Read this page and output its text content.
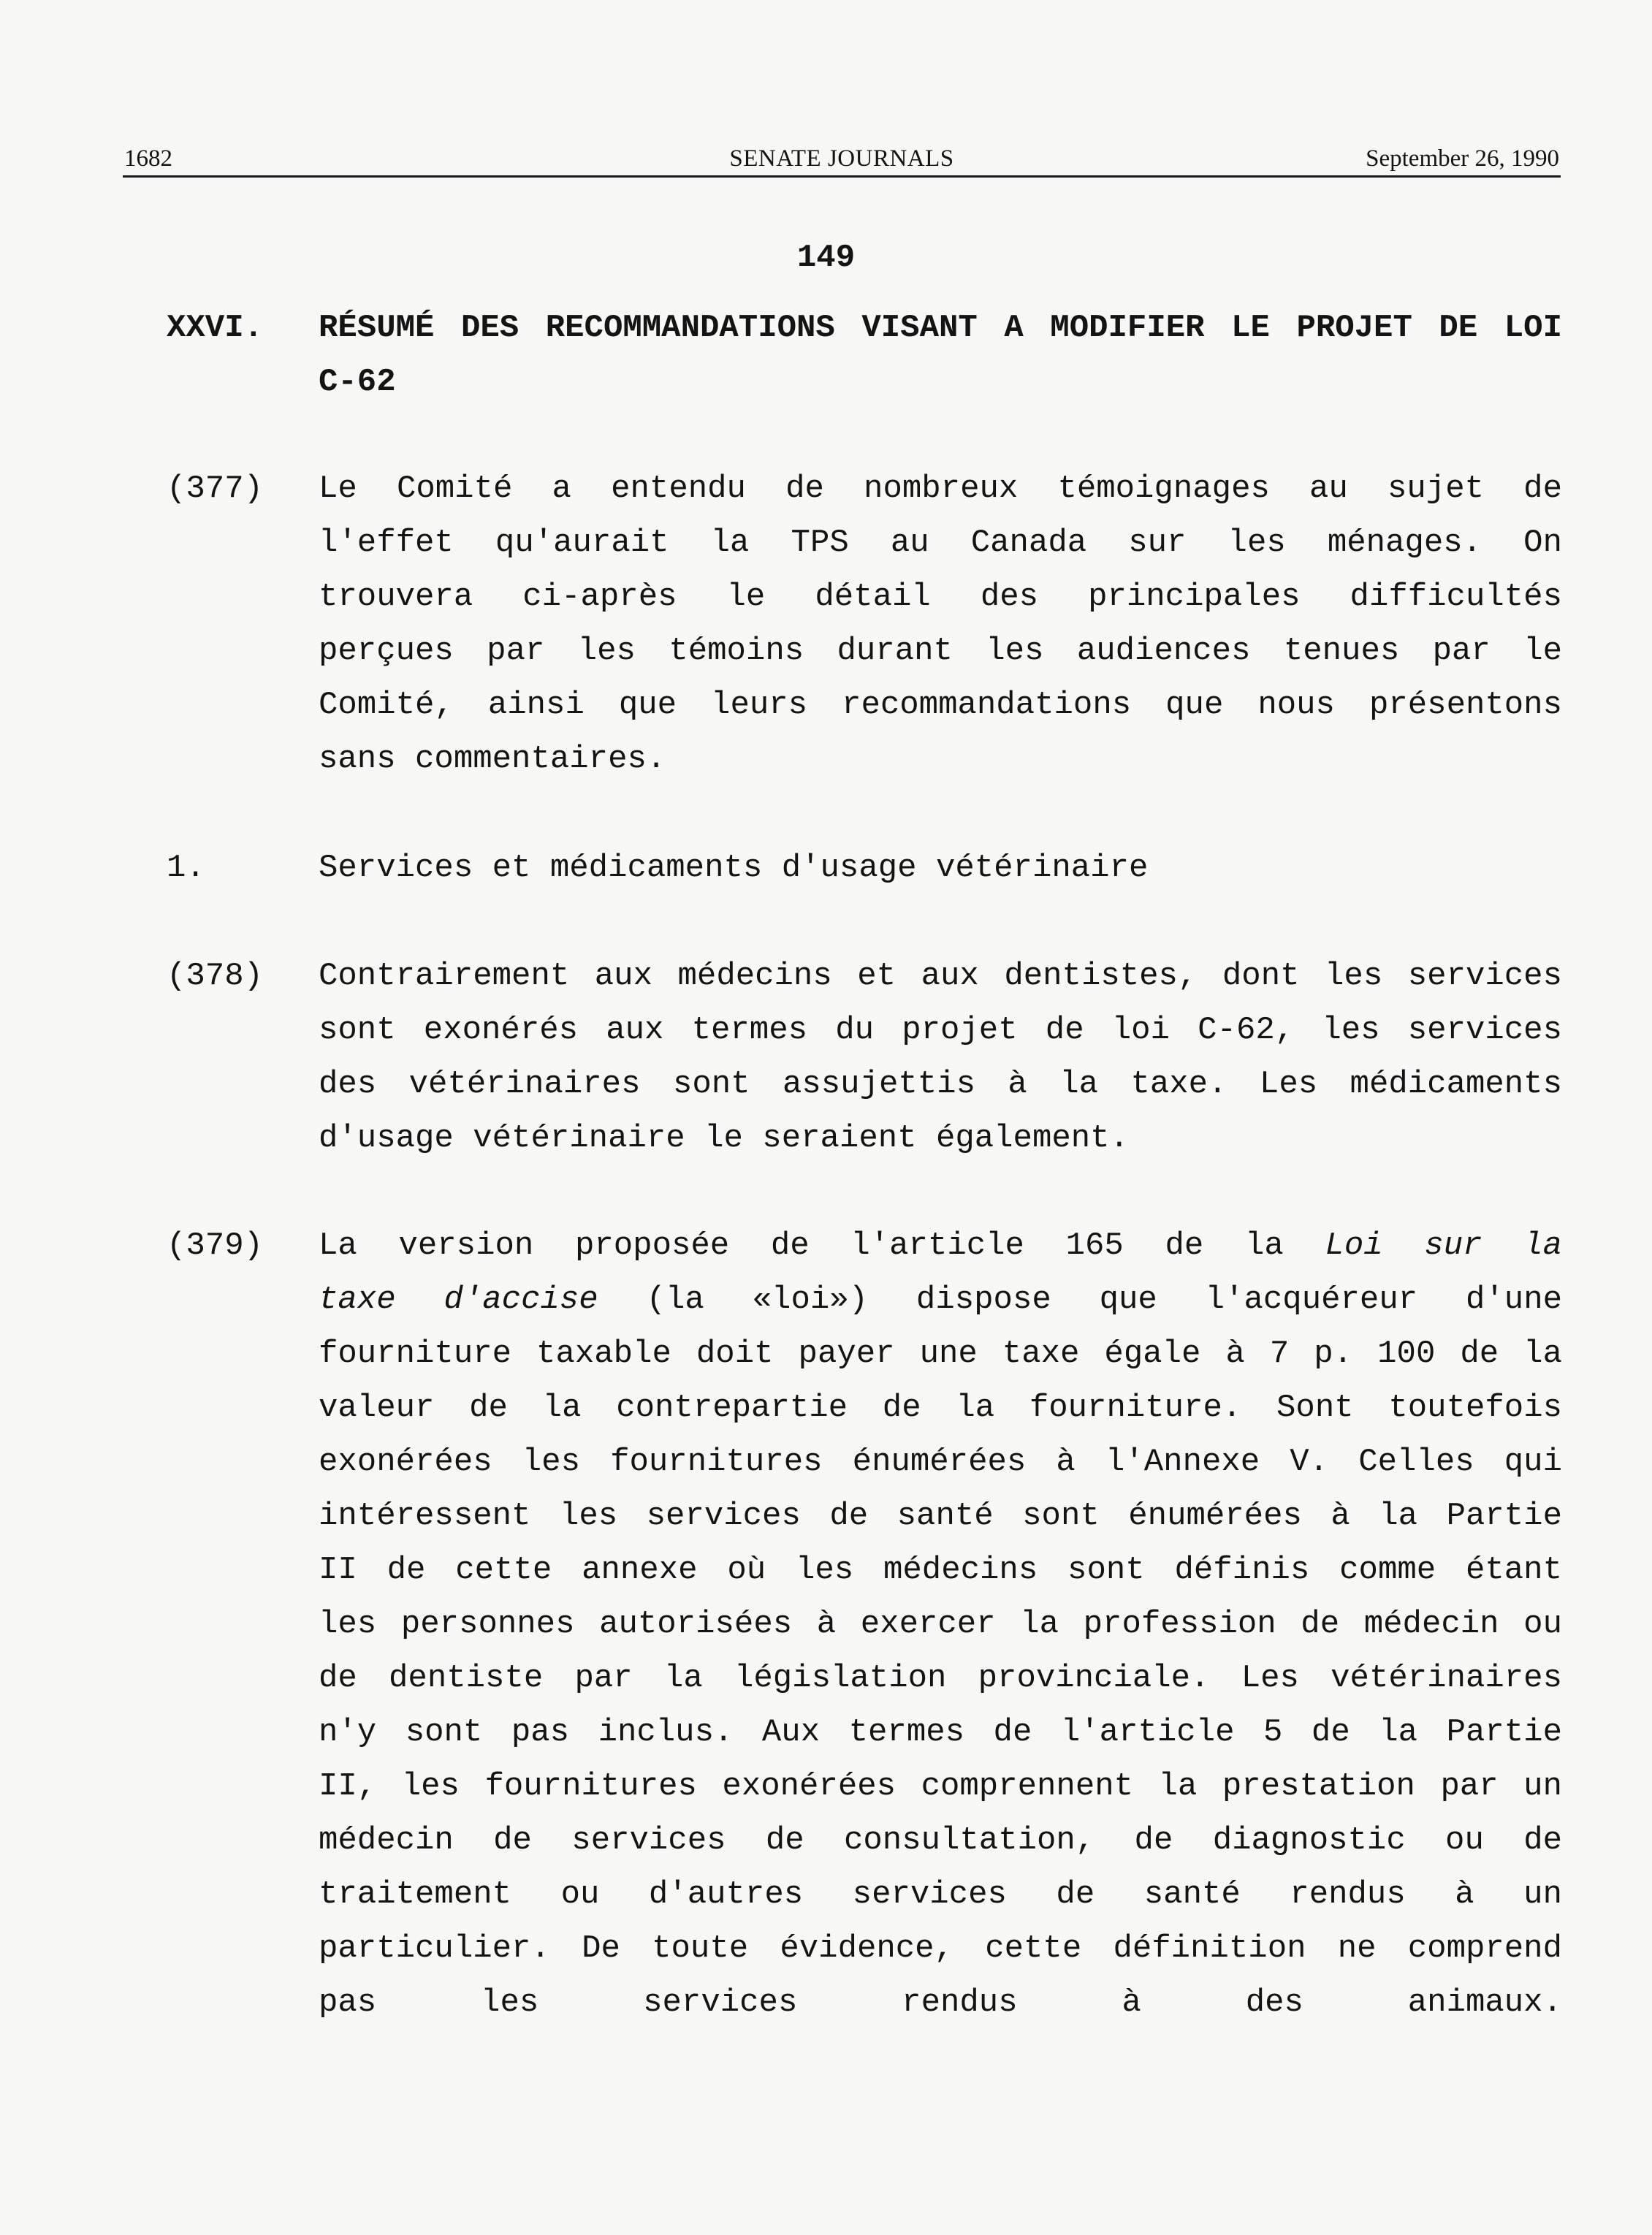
SENATE JOURNALS
1682	September 26, 1990
149
XXVI. RÉSUMÉ DES RECOMMANDATIONS VISANT A MODIFIER LE PROJET DE LOI
C-62
(377) Le Comité a entendu de nombreux témoignages au sujet de
l'effet qu'aurait la TPS au Canada sur les ménages. On
trouvera ci-après le détail des principales difficultés
perçues par les témoins durant les audiences tenues par le
Comité, ainsi que leurs recommandations que nous présentons
sans commentaires.
1.	Services et médicaments d'usage vétérinaire
(378) Contrairement aux médecins et aux dentistes, dont les services
sont exonérés aux termes du projet de loi C-62, les services
des vétérinaires sont assujettis à la taxe. Les médicaments
d'usage vétérinaire le seraient également.
(379) La version proposée de l'article 165 de la Loi sur la
taxe d'accise (la «loi») dispose que l'acquéreur d'une
fourniture taxable doit payer une taxe égale à 7 p. 100 de la
valeur de la contrepartie de la fourniture. Sont toutefois
exonérées les fournitures énumérées à l'Annexe V. Celles qui
intéressent les services de santé sont énumérées à la Partie
II de cette annexe où les médecins sont définis comme étant
les personnes autorisées à exercer la profession de médecin ou
de dentiste par la législation provinciale. Les vétérinaires
n'y sont pas inclus. Aux termes de l'article 5 de la Partie
II, les fournitures exonérées comprennent la prestation par un
médecin de services de consultation, de diagnostic ou de
traitement ou d'autres services de santé rendus à un
particulier. De toute évidence, cette définition ne comprend
pas les services rendus à des animaux.
